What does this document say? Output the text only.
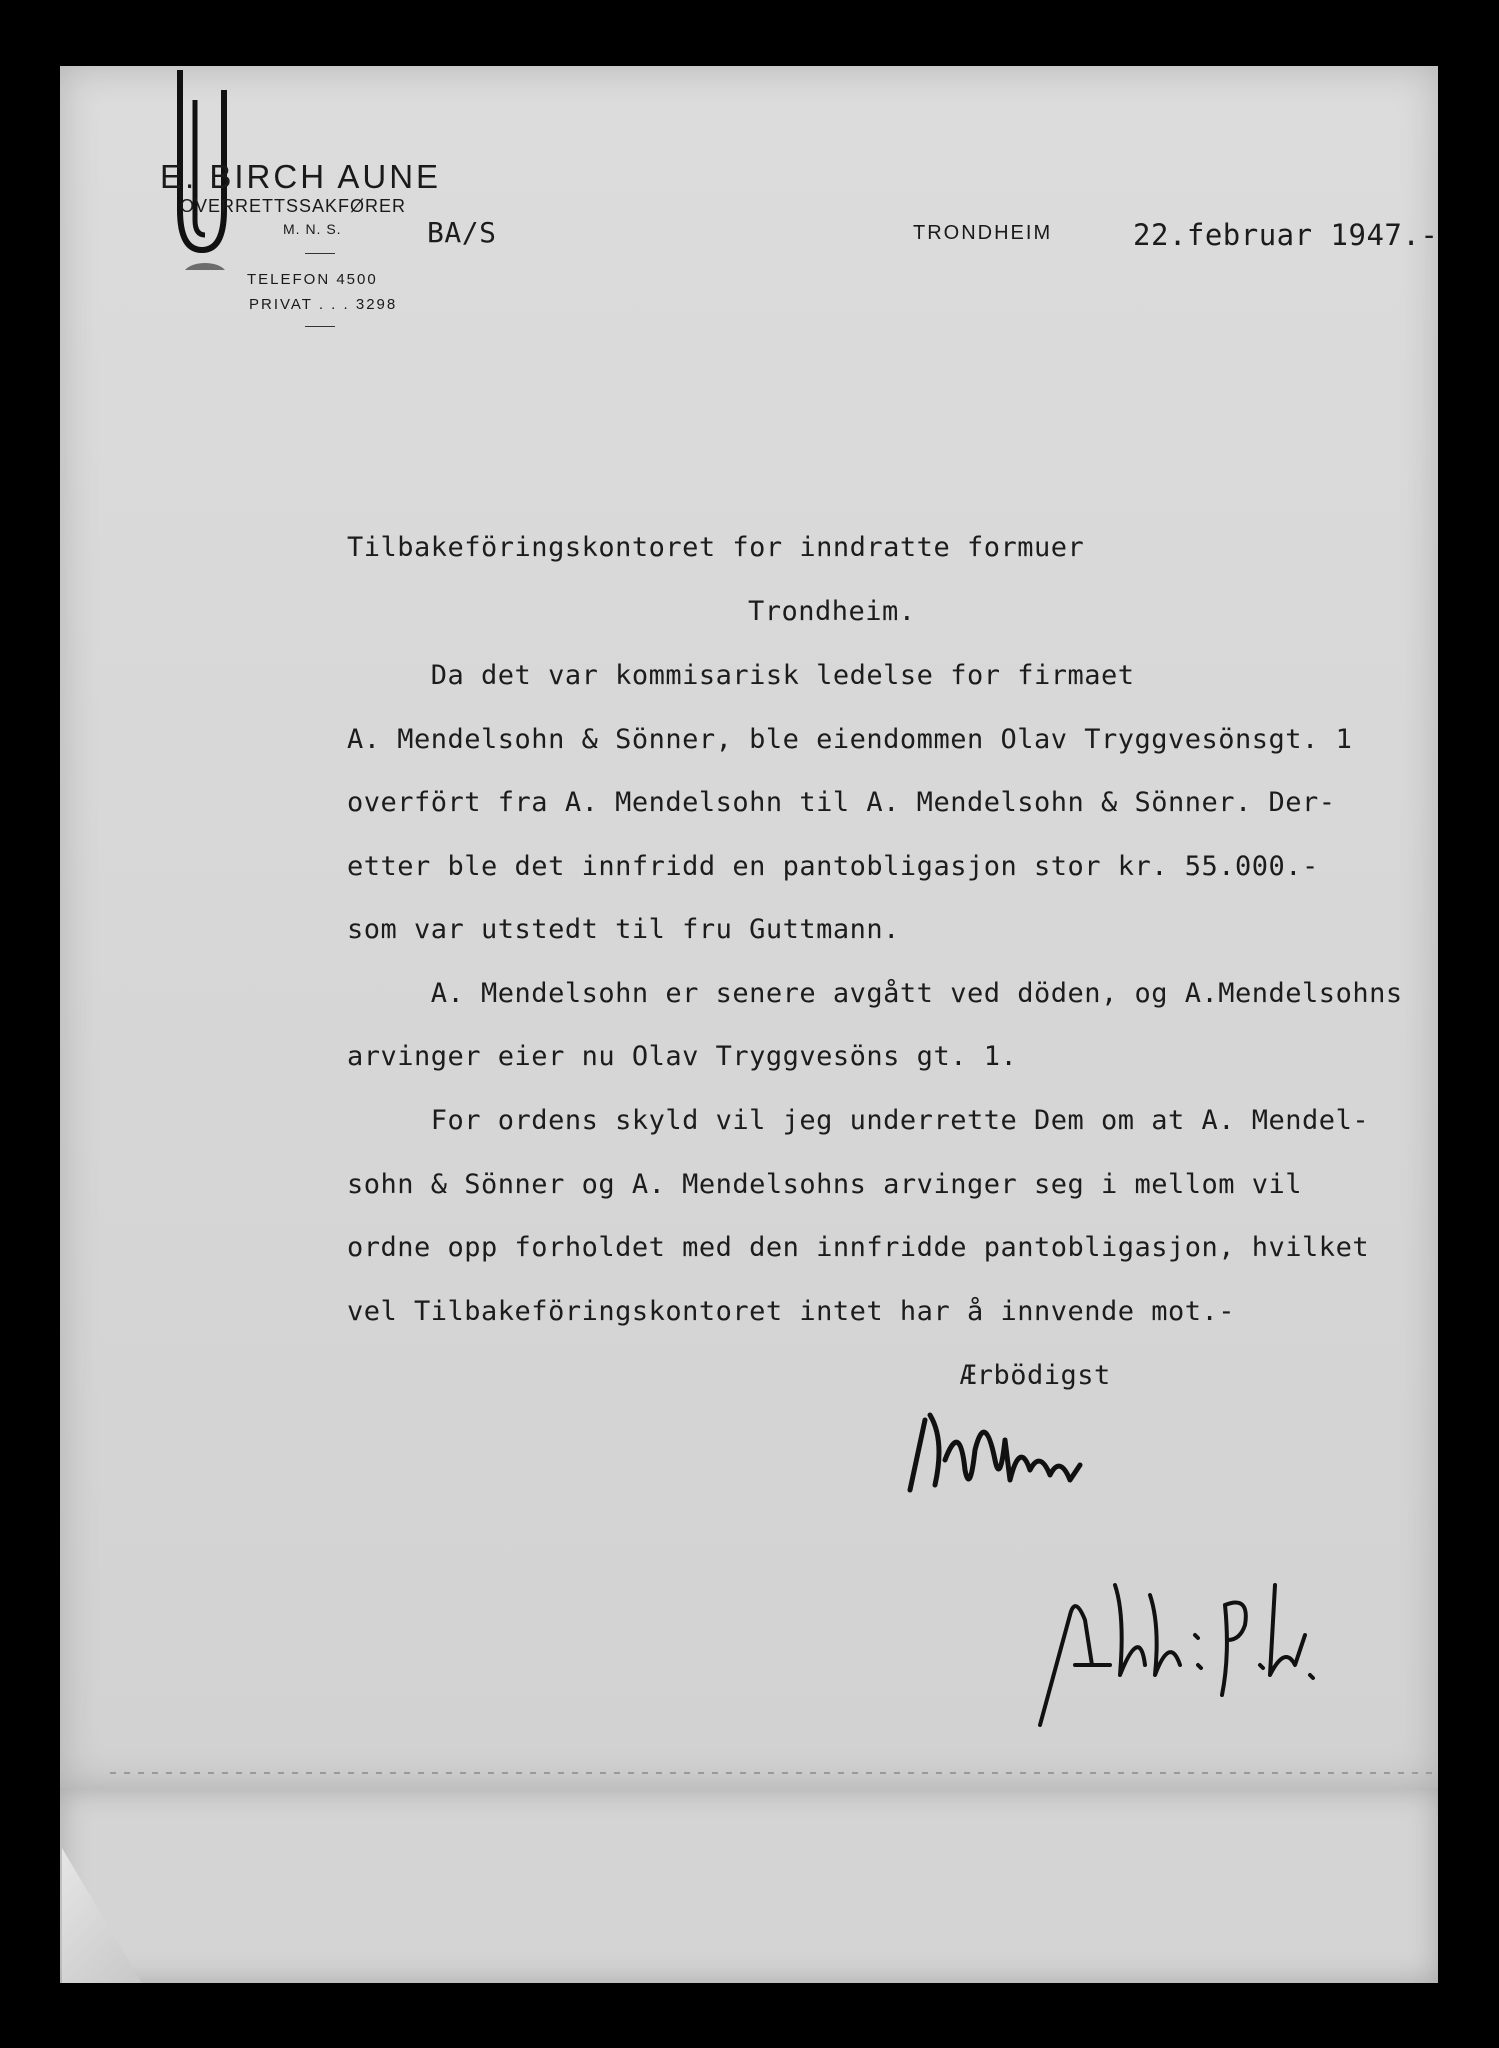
E. BIRCH AUNE
OVERRETTSSAKFØRER
M. N. S.
TELEFON 4500
PRIVAT . . . 3298
BA/S	TRONDHEIM	22.februar 1947.-
Tilbakeföringskontoret for inndratte formuer
Trondheim.
Da det var kommisarisk ledelse for firmaet
A. Mendelsohn & Sönner, ble eiendommen Olav Tryggvesönsgt. 1
overfört fra A. Mendelsohn til A. Mendelsohn & Sönner. Der-
etter ble det innfridd en pantobligasjon stor kr. 55.000.-
som var utstedt til fru Guttmann.
A. Mendelsohn er senere avgått ved döden, og A.Mendelsohns
arvinger eier nu Olav Tryggvesöns gt. 1.
For ordens skyld vil jeg underrette Dem om at A. Mendel-
sohn & Sönner og A. Mendelsohns arvinger seg i mellom vil
ordne opp forholdet med den innfridde pantobligasjon, hvilket
vel Tilbakeföringskontoret intet har å innvende mot.-
Ærbödigst
